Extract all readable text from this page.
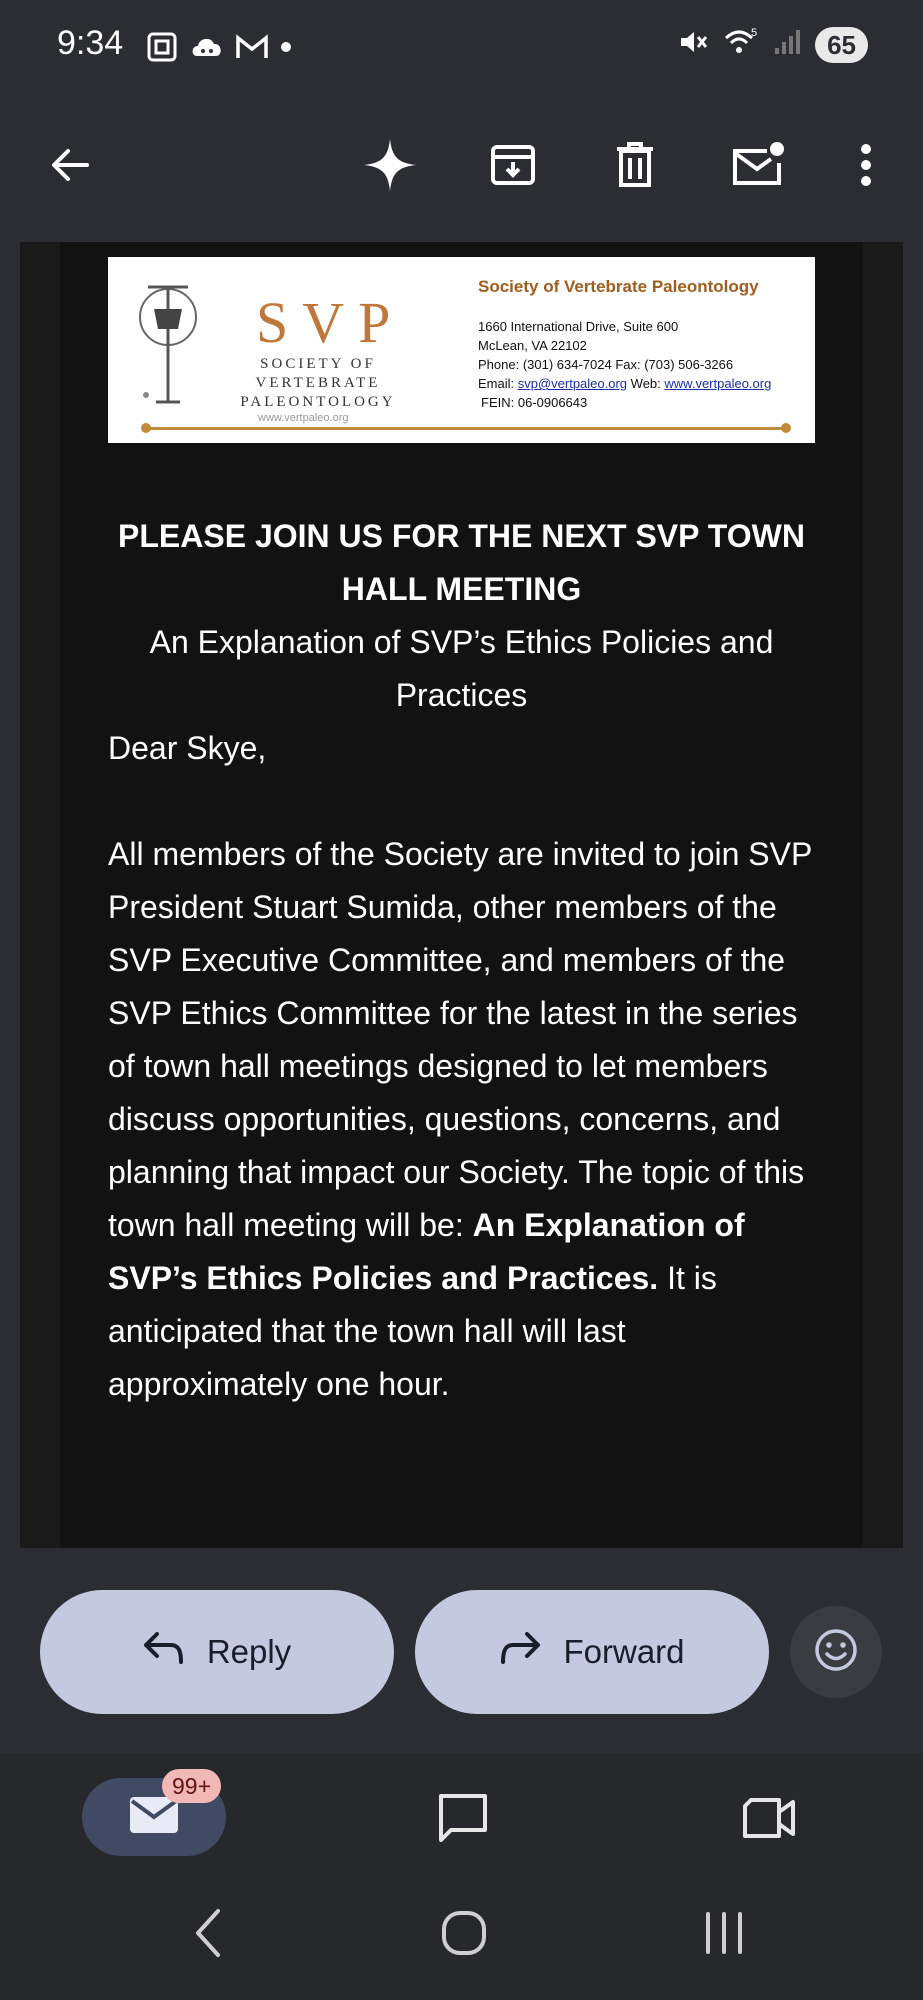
9:34	5	65
SVP
SOCIETY OF
VERTEBRATE
PALEONTOLOGY
www.vertpaleo.org
Society of Vertebrate Paleontology
1660 International Drive, Suite 600
McLean, VA 22102
Phone: (301) 634-7024 Fax: (703) 506-3266
Email: svp@vertpaleo.org Web: www.vertpaleo.org
FEIN: 06-0906643
PLEASE JOIN US FOR THE NEXT SVP TOWN HALL MEETING
An Explanation of SVP’s Ethics Policies and Practices
Dear Skye,
All members of the Society are invited to join SVP President Stuart Sumida, other members of the SVP Executive Committee, and members of the SVP Ethics Committee for the latest in the series of town hall meetings designed to let members discuss opportunities, questions, concerns, and planning that impact our Society. The topic of this town hall meeting will be: An Explanation of SVP’s Ethics Policies and Practices. It is anticipated that the town hall will last approximately one hour.
Reply	Forward
99+
